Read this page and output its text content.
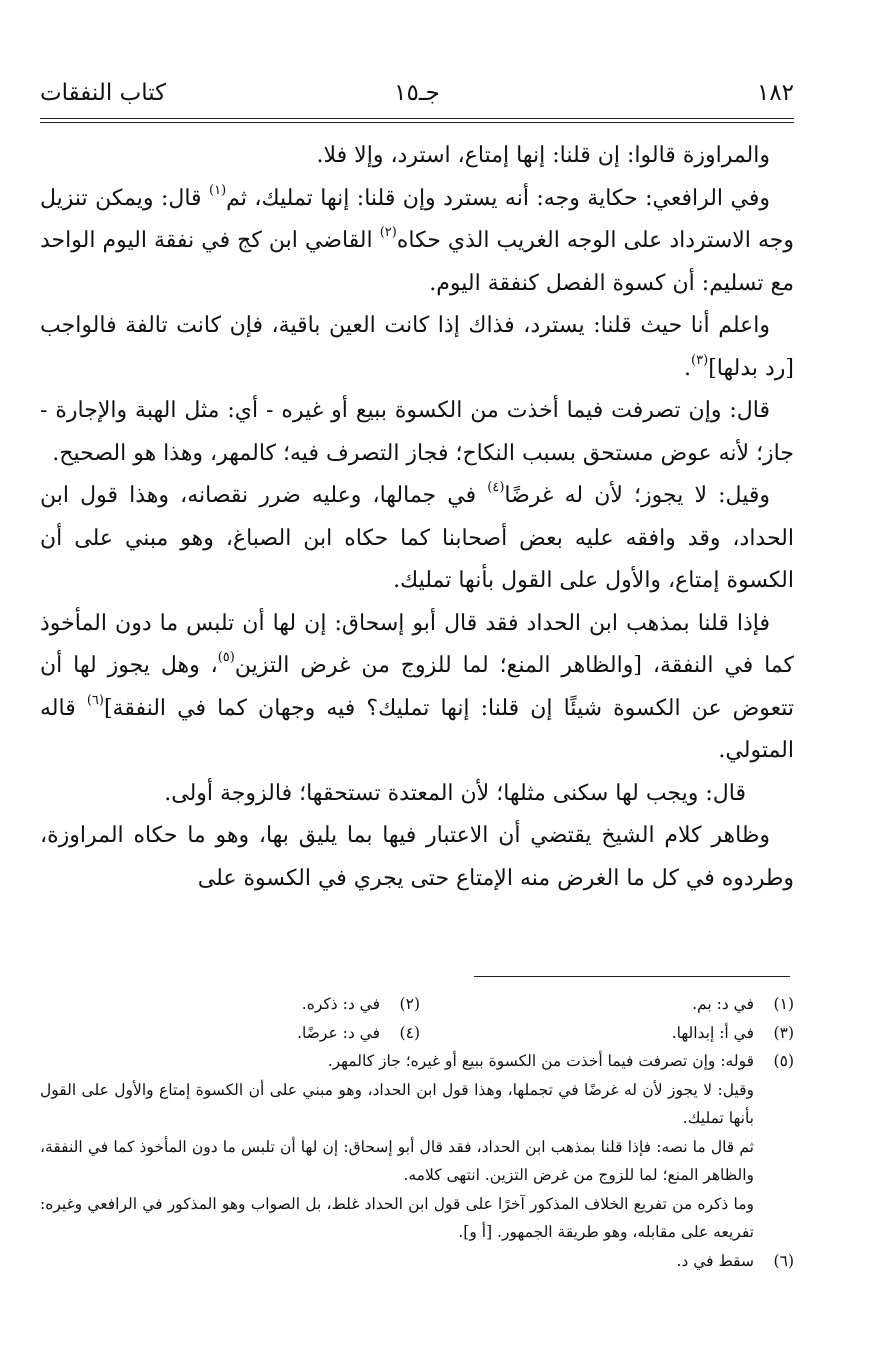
١٨٢
جـ١٥
كتاب النفقات

والمراوزة قالوا: إن قلنا: إنها إمتاع، استرد، وإلا فلا.

وفي الرافعي: حكاية وجه: أنه يسترد وإن قلنا: إنها تمليك، ثم$^{(١)}$ قال: ويمكن تنزيل وجه الاسترداد على الوجه الغريب الذي حكاه$^{(٢)}$ القاضي ابن كج في نفقة اليوم الواحد مع تسليم: أن كسوة الفصل كنفقة اليوم.

واعلم أنا حيث قلنا: يسترد، فذاك إذا كانت العين باقية، فإن كانت تالفة فالواجب [رد بدلها]$^{(٣)}$.

قال: وإن تصرفت فيما أخذت من الكسوة ببيع أو غيره - أي: مثل الهبة والإجارة - جاز؛ لأنه عوض مستحق بسبب النكاح؛ فجاز التصرف فيه؛ كالمهر، وهذا هو الصحيح.

وقيل: لا يجوز؛ لأن له غرضًا$^{(٤)}$ في جمالها، وعليه ضرر نقصانه، وهذا قول ابن الحداد، وقد وافقه عليه بعض أصحابنا كما حكاه ابن الصباغ، وهو مبني على أن الكسوة إمتاع، والأول على القول بأنها تمليك.

فإذا قلنا بمذهب ابن الحداد فقد قال أبو إسحاق: إن لها أن تلبس ما دون المأخوذ كما في النفقة، [والظاهر المنع؛ لما للزوج من غرض التزين$^{(٥)}$، وهل يجوز لها أن تتعوض عن الكسوة شيئًا إن قلنا: إنها تمليك؟ فيه وجهان كما في النفقة]$^{(٦)}$ قاله المتولي.

قال: ويجب لها سكنى مثلها؛ لأن المعتدة تستحقها؛ فالزوجة أولى.

وظاهر كلام الشيخ يقتضي أن الاعتبار فيها بما يليق بها، وهو ما حكاه المراوزة، وطردوه في كل ما الغرض منه الإمتاع حتى يجري في الكسوة على

(١)
في د: بم.
(٢)
في د: ذكره.
(٣)
في أ: إبدالها.
(٤)
في د: عرضًا.
(٥)
قوله: وإن تصرفت فيما أخذت من الكسوة ببيع أو غيره؛ جاز كالمهر.
وقيل: لا يجوز لأن له غرضًا في تجملها، وهذا قول ابن الحداد، وهو مبني على أن الكسوة إمتاع والأول على القول بأنها تمليك.
ثم قال ما نصه: فإذا قلنا بمذهب ابن الحداد، فقد قال أبو إسحاق: إن لها أن تلبس ما دون المأخوذ كما في النفقة، والظاهر المنع؛ لما للزوج من غرض التزين. انتهى كلامه.
وما ذكره من تفريع الخلاف المذكور آخرًا على قول ابن الحداد غلط، بل الصواب وهو المذكور في الرافعي وغيره: تفريعه على مقابله، وهو طريقة الجمهور. [أ و].
(٦)
سقط في د.
